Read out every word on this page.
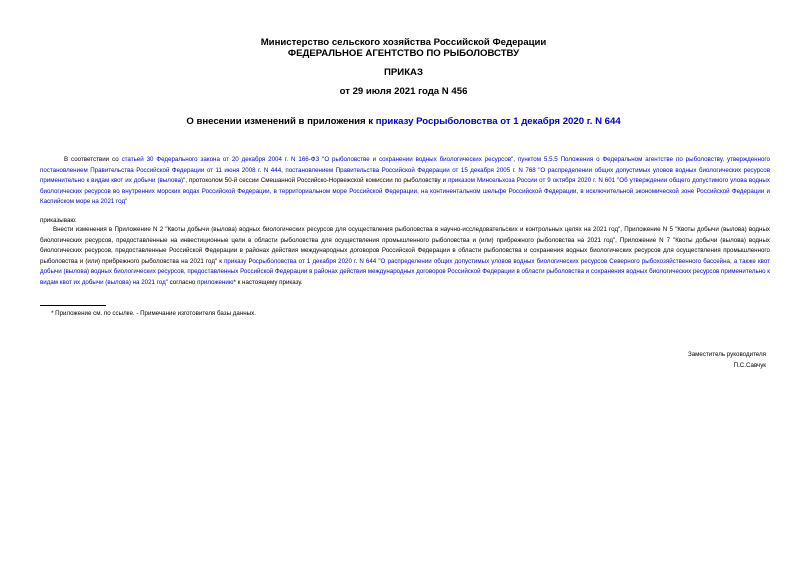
Министерство сельского хозяйства Российской Федерации
ФЕДЕРАЛЬНОЕ АГЕНТСТВО ПО РЫБОЛОВСТВУ
ПРИКАЗ
от 29 июля 2021 года N 456
О внесении изменений в приложения к приказу Росрыболовства от 1 декабря 2020 г. N 644
В соответствии со статьей 30 Федерального закона от 20 декабря 2004 г. N 166-ФЗ "О рыболовстве и сохранении водных биологических ресурсов", пунктом 5.5.5 Положения о Федеральном агентстве по рыболовству, утвержденного постановлением Правительства Российской Федерации от 11 июня 2008 г. N 444, постановлением Правительства Российской Федерации от 15 декабря 2005 г. N 768 "О распределении общих допустимых уловов водных биологических ресурсов применительно к видам квот их добычи (вылова)", протоколом 50-й сессии Смешанной Российско-Норвежской комиссии по рыболовству и приказом Минсельхоза России от 9 октября 2020 г. N 601 "Об утверждении общего допустимого улова водных биологических ресурсов во внутренних морских водах Российской Федерации, в территориальном море Российской Федерации, на континентальном шельфе Российской Федерации, в исключительной экономической зоне Российской Федерации и Каспийском море на 2021 год"
приказываю:
Внести изменения в Приложение N 2 "Квоты добычи (вылова) водных биологических ресурсов для осуществления рыболовства в научно-исследовательских и контрольных целях на 2021 год", Приложение N 5 "Квоты добычи (вылова) водных биологических ресурсов, предоставленные на инвестиционные цели в области рыболовства для осуществления промышленного рыболовства и (или) прибрежного рыболовства на 2021 год", Приложение N 7 "Квоты добычи (вылова) водных биологических ресурсов, предоставленные Российской Федерации в районах действия международных договоров Российской Федерации в области рыболовства и сохранения водных биологических ресурсов для осуществления промышленного рыболовства и (или) прибрежного рыболовства на 2021 год" к приказу Росрыболовства от 1 декабря 2020 г. N 644 "О распределении общих допустимых уловов водных биологических ресурсов Северного рыбохозяйственного бассейна, а также квот добычи (вылова) водных биологических ресурсов, предоставленных Российской Федерации в районах действия международных договоров Российской Федерации в области рыболовства и сохранения водных биологических ресурсов применительно к видам квот их добычи (вылова) на 2021 год" согласно приложению* к настоящему приказу.
* Приложение см. по ссылке. - Примечание изготовителя базы данных.
Заместитель руководителя
П.С.Савчук
